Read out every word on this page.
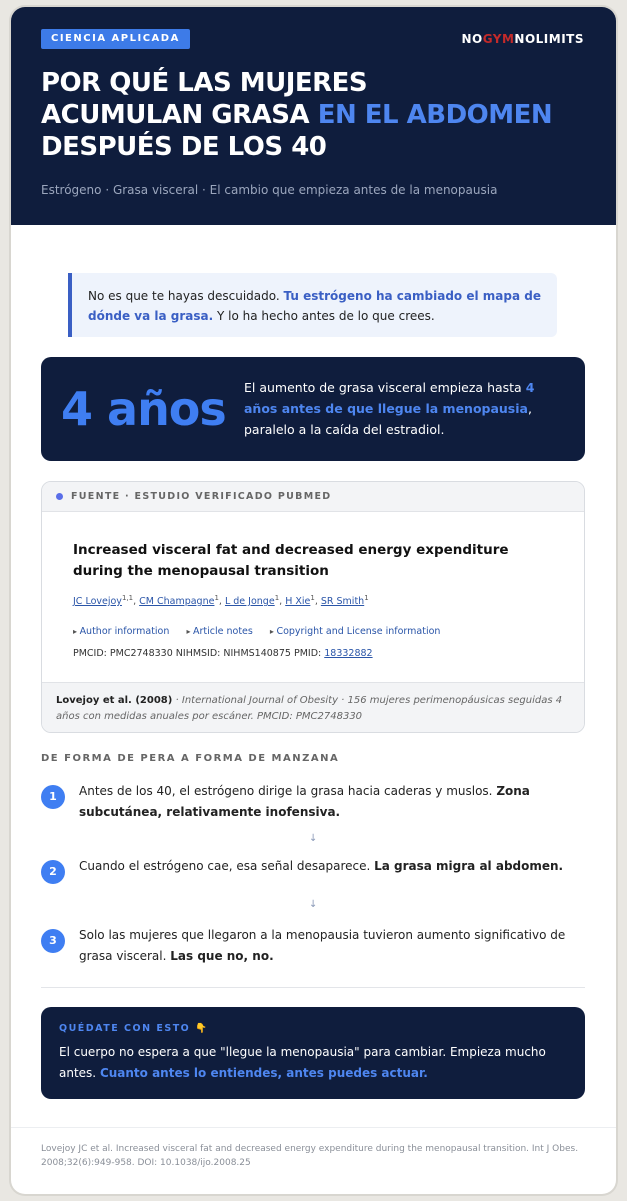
CIENCIA APLICADA	NOGYMNOLIMITS
POR QUÉ LAS MUJERES
ACUMULAN GRASA EN EL ABDOMEN
DESPUÉS DE LOS 40
Estrógeno · Grasa visceral · El cambio que empieza antes de la menopausia
No es que te hayas descuidado. Tu estrógeno ha cambiado el mapa de dónde va la grasa. Y lo ha hecho antes de lo que crees.
4 años El aumento de grasa visceral empieza hasta 4 años antes de que llegue la menopausia, paralelo a la caída del estradiol.
FUENTE · ESTUDIO VERIFICADO PUBMED
Increased visceral fat and decreased energy expenditure during the menopausal transition
JC Lovejoy$^{1,1}$, CM Champagne$^1$, L de Jonge$^1$, H Xie$^1$, SR Smith$^1$
▸ Author information ▸ Article notes ▸ Copyright and License information
PMCID: PMC2748330 NIHMSID: NIHMS140875 PMID: 18332882
Lovejoy et al. (2008) · International Journal of Obesity · 156 mujeres perimenopáusicas seguidas 4 años con medidas anuales por escáner. PMCID: PMC2748330
DE FORMA DE PERA A FORMA DE MANZANA
1	Antes de los 40, el estrógeno dirige la grasa hacia caderas y muslos. Zona subcutánea, relativamente inofensiva.
↓
2	Cuando el estrógeno cae, esa señal desaparece. La grasa migra al abdomen.
↓
3	Solo las mujeres que llegaron a la menopausia tuvieron aumento significativo de grasa visceral. Las que no, no.
QUÉDATE CON ESTO 👇
El cuerpo no espera a que "llegue la menopausia" para cambiar. Empieza mucho antes. Cuanto antes lo entiendes, antes puedes actuar.
Lovejoy JC et al. Increased visceral fat and decreased energy expenditure during the menopausal transition. Int J Obes. 2008;32(6):949-958. DOI: 10.1038/ijo.2008.25
